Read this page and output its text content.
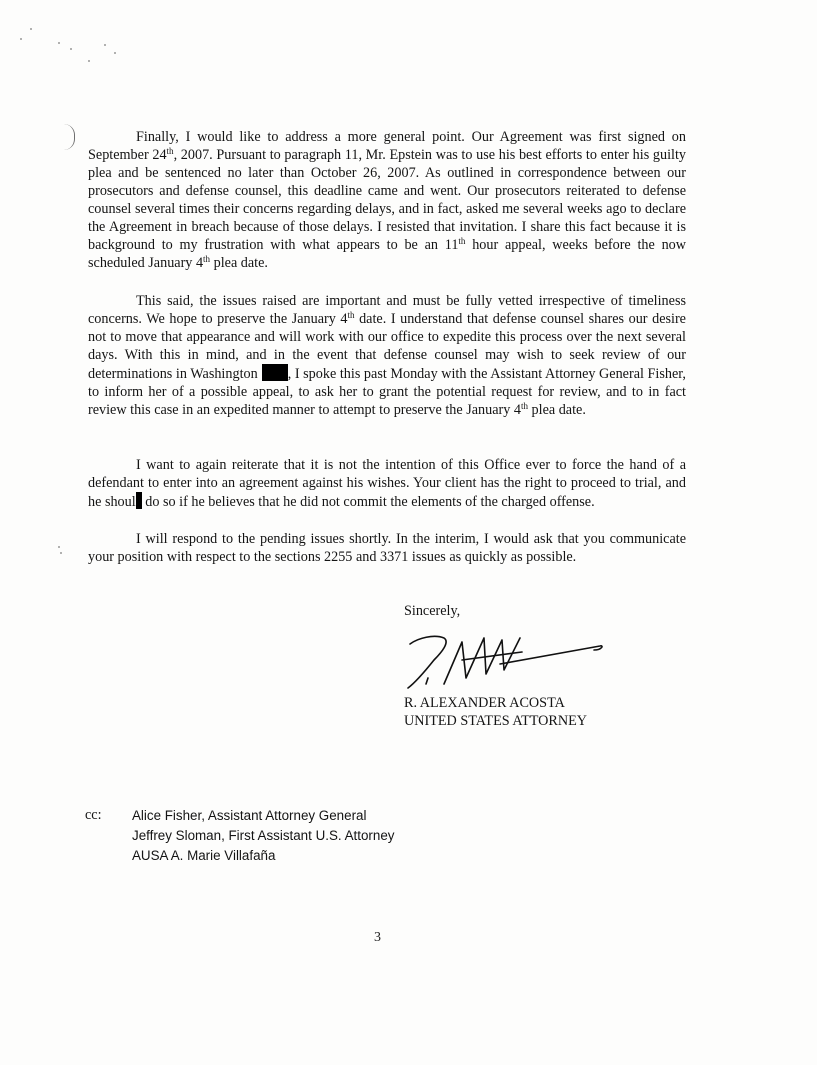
Finally, I would like to address a more general point. Our Agreement was first signed on September 24th, 2007. Pursuant to paragraph 11, Mr. Epstein was to use his best efforts to enter his guilty plea and be sentenced no later than October 26, 2007. As outlined in correspondence between our prosecutors and defense counsel, this deadline came and went. Our prosecutors reiterated to defense counsel several times their concerns regarding delays, and in fact, asked me several weeks ago to declare the Agreement in breach because of those delays. I resisted that invitation. I share this fact because it is background to my frustration with what appears to be an 11th hour appeal, weeks before the now scheduled January 4th plea date.

This said, the issues raised are important and must be fully vetted irrespective of timeliness concerns. We hope to preserve the January 4th date. I understand that defense counsel shares our desire not to move that appearance and will work with our office to expedite this process over the next several days. With this in mind, and in the event that defense counsel may wish to seek review of our determinations in Washington , I spoke this past Monday with the Assistant Attorney General Fisher, to inform her of a possible appeal, to ask her to grant the potential request for review, and to in fact review this case in an expedited manner to attempt to preserve the January 4th plea date.

I want to again reiterate that it is not the intention of this Office ever to force the hand of a defendant to enter into an agreement against his wishes. Your client has the right to proceed to trial, and he shoul do so if he believes that he did not commit the elements of the charged offense.

I will respond to the pending issues shortly. In the interim, I would ask that you communicate your position with respect to the sections 2255 and 3371 issues as quickly as possible.

Sincerely,

R. ALEXANDER ACOSTA

UNITED STATES ATTORNEY

cc: Alice Fisher, Assistant Attorney General
Jeffrey Sloman, First Assistant U.S. Attorney
AUSA A. Marie Villafaña
3
